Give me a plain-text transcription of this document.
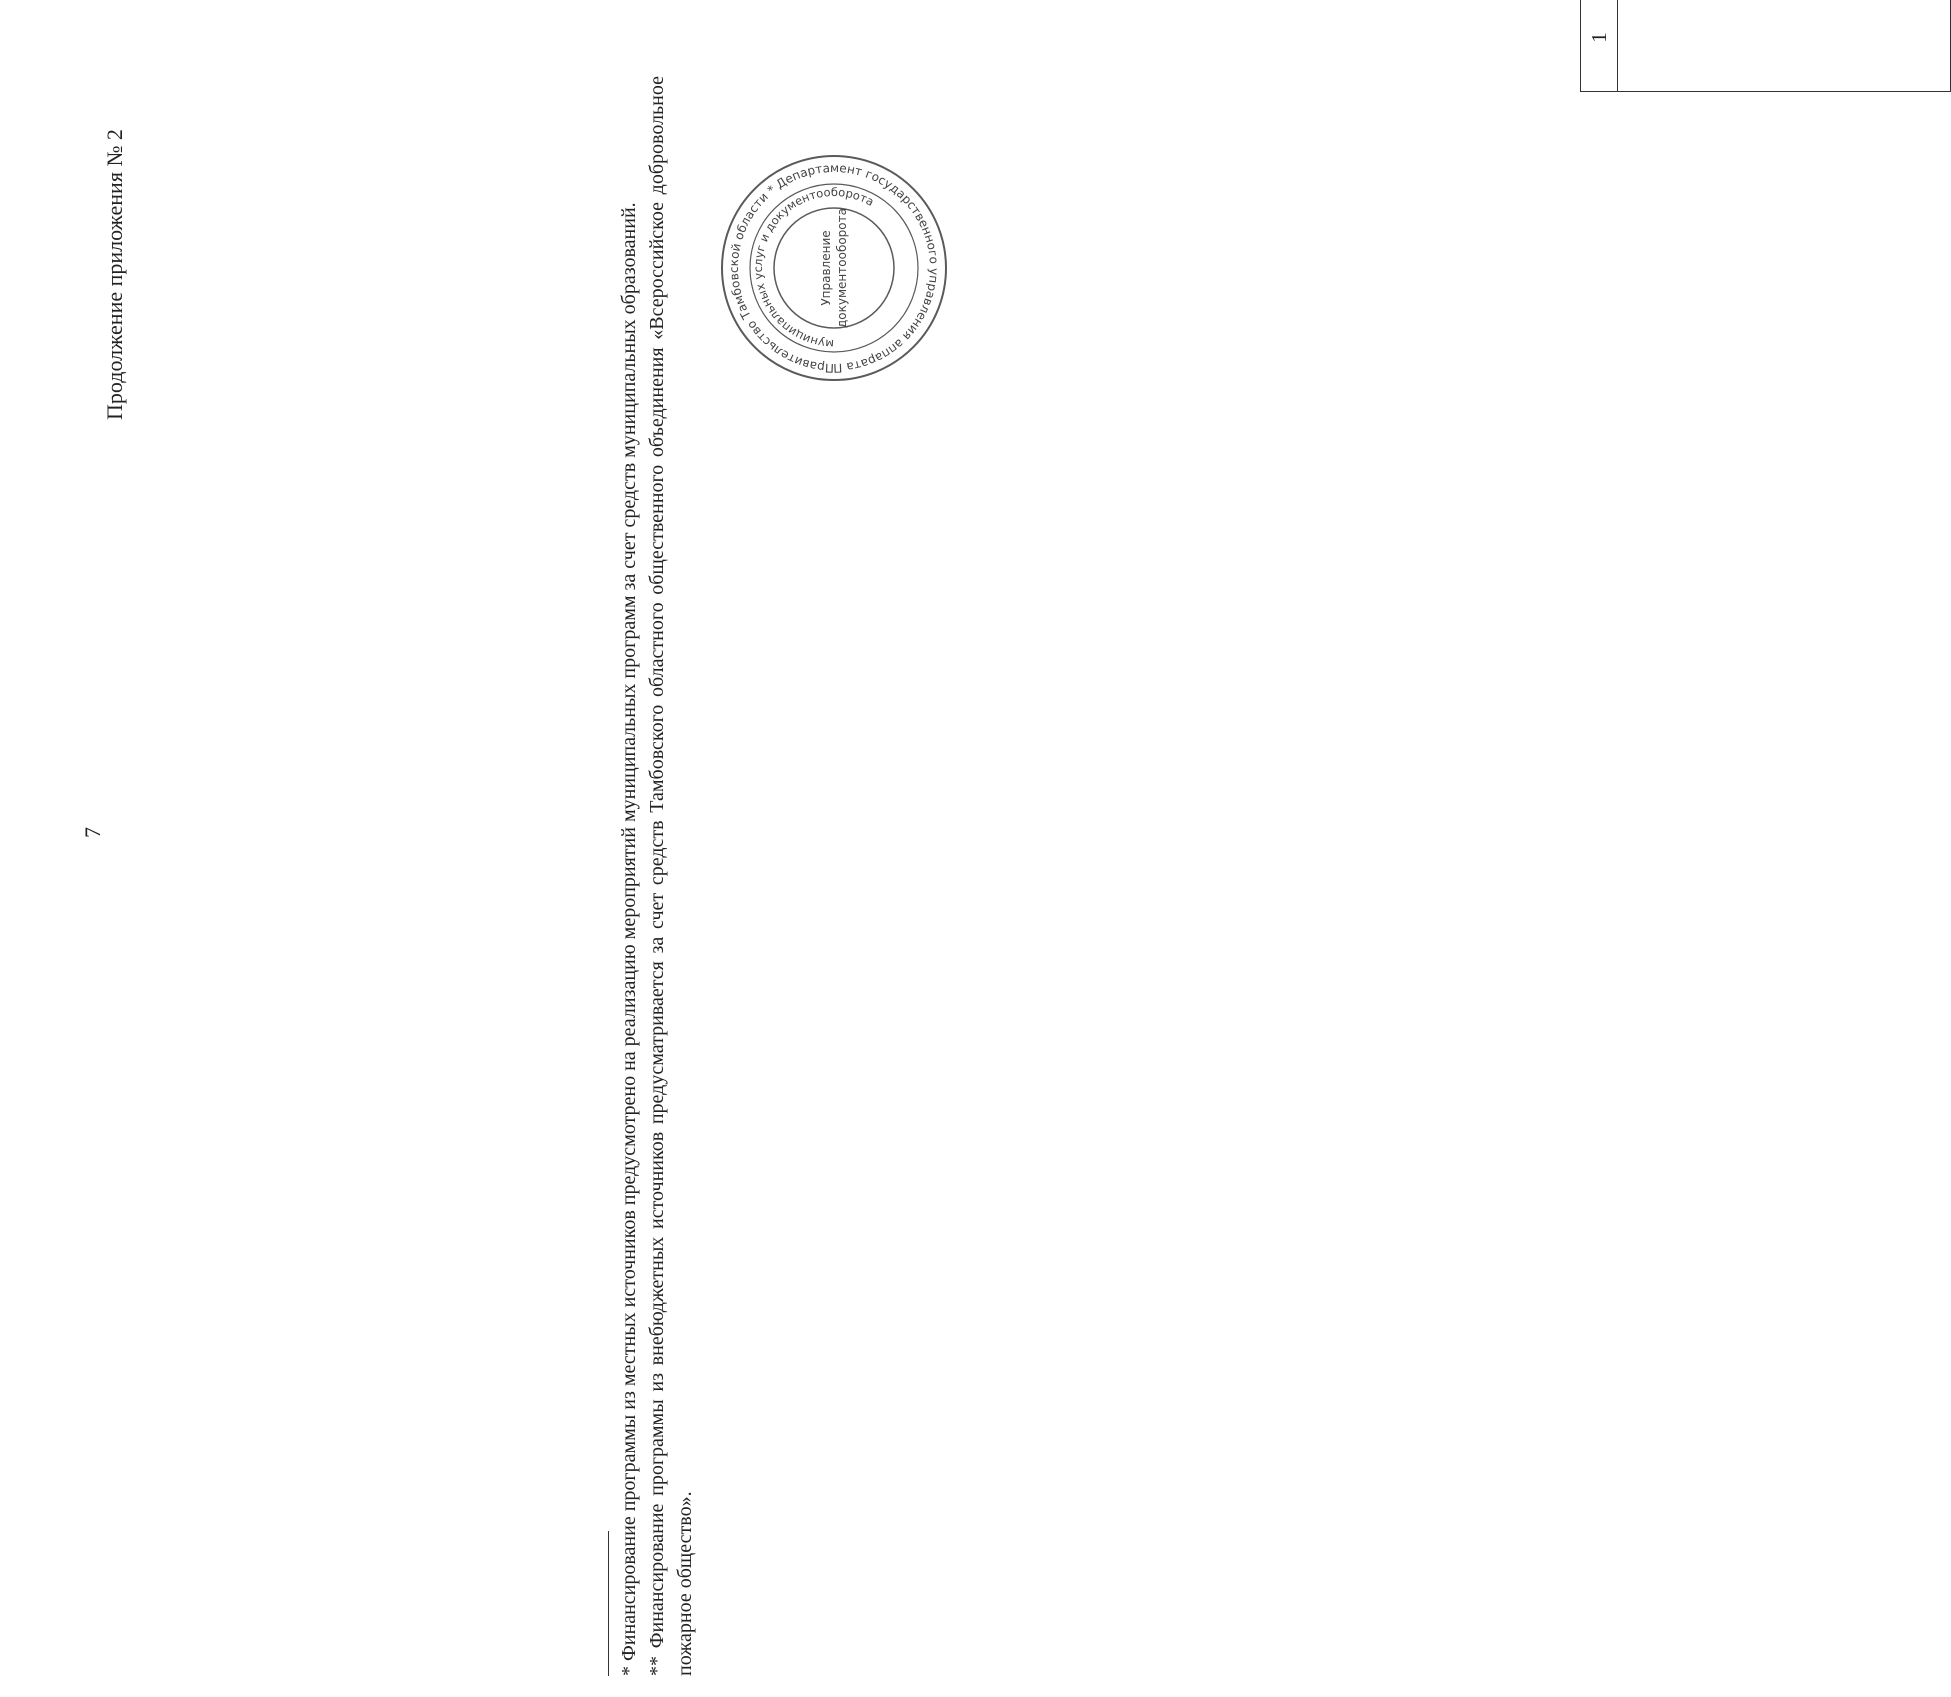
7
Продолжение приложения № 2
1							

* Финансирование программы из местных источников предусмотрено на реализацию мероприятий муниципальных программ за счет средств муниципальных образований. ** Финансирование программы из внебюджетных источников предусматривается за счет средств Тамбовского областного общественного объединения «Всероссийское добровольное пожарное общество».

Правительство Тамбовской области * Департамент государственного управления аппарата П
муниципальных услуг и документооборота
Управление документооборота
